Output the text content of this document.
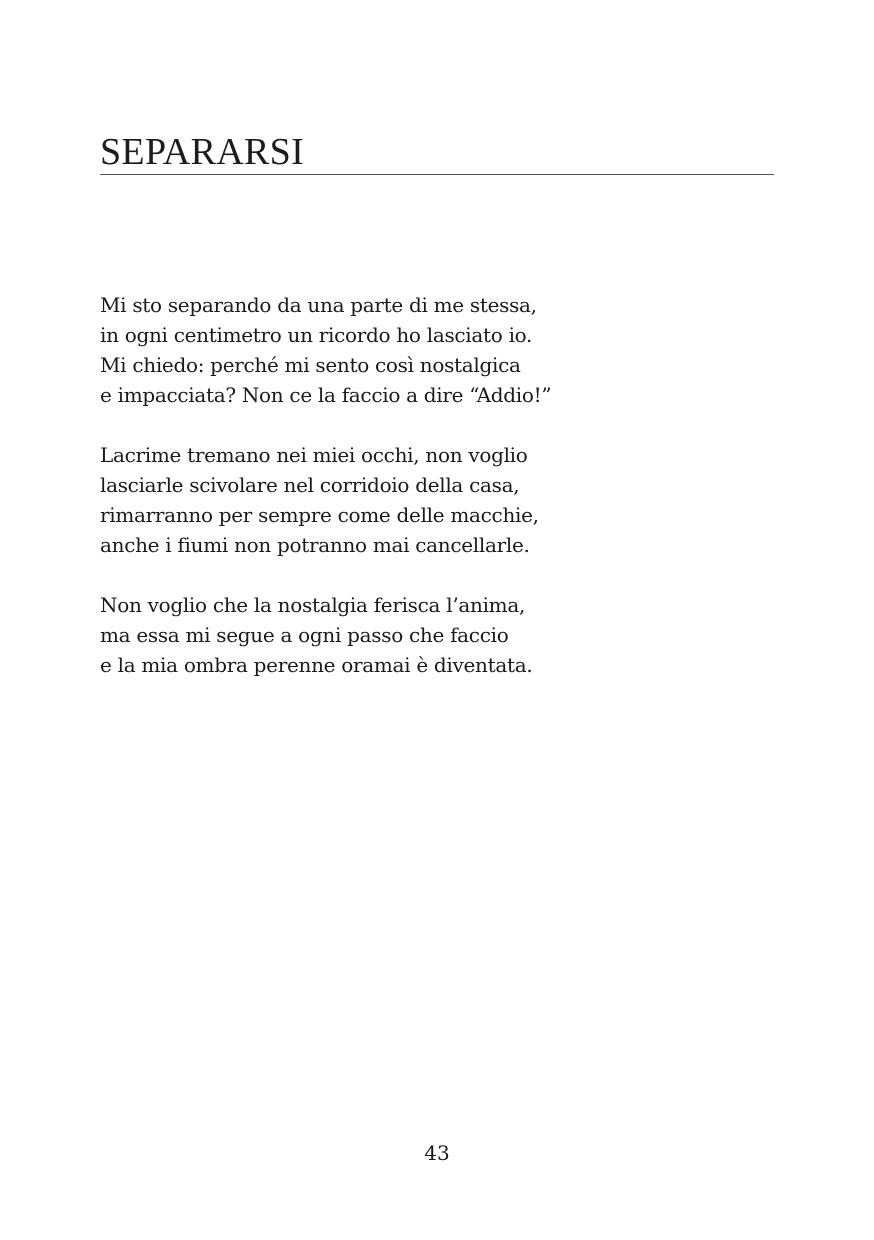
SEPARARSI
Mi sto separando da una parte di me stessa,
in ogni centimetro un ricordo ho lasciato io.
Mi chiedo: perché mi sento così nostalgica
e impacciata? Non ce la faccio a dire “Addio!”
Lacrime tremano nei miei occhi, non voglio
lasciarle scivolare nel corridoio della casa,
rimarranno per sempre come delle macchie,
anche i fiumi non potranno mai cancellarle.
Non voglio che la nostalgia ferisca l’anima,
ma essa mi segue a ogni passo che faccio
e la mia ombra perenne oramai è diventata.
43
